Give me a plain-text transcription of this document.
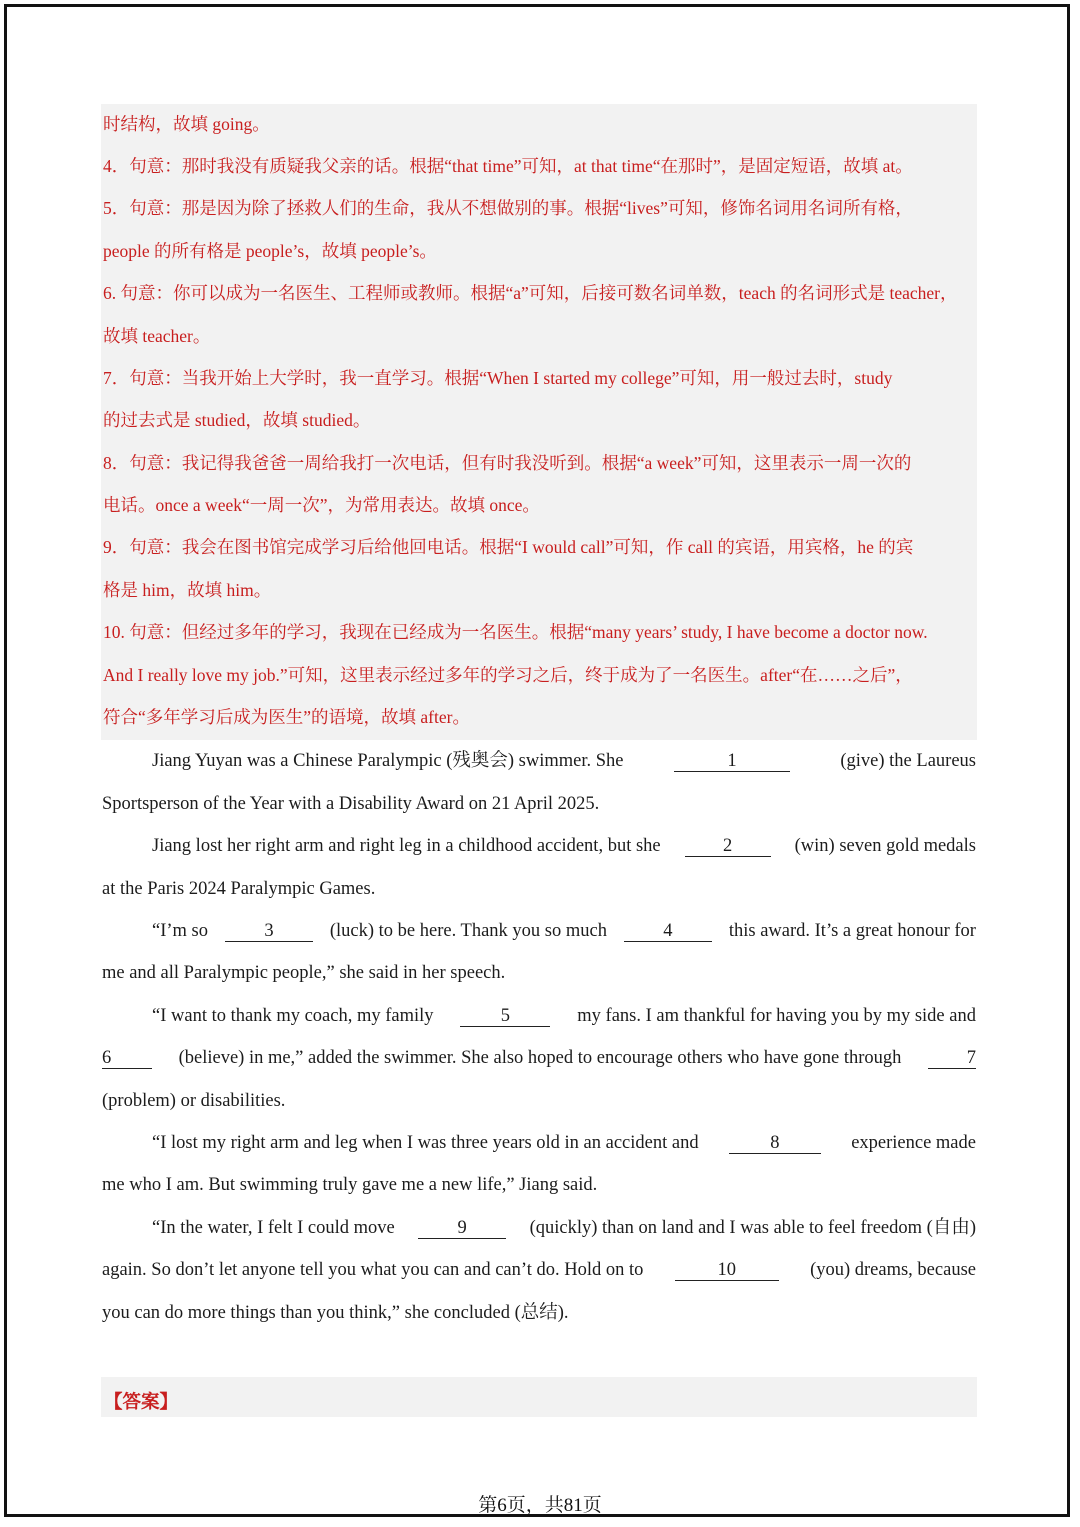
时结构，故填 going。
4．句意：那时我没有质疑我父亲的话。根据“that time”可知，at that time“在那时”，是固定短语，故填 at。
5．句意：那是因为除了拯救人们的生命，我从不想做别的事。根据“lives”可知，修饰名词用名词所有格，
people 的所有格是 people’s，故填 people’s。
6. 句意：你可以成为一名医生、工程师或教师。根据“a”可知，后接可数名词单数，teach 的名词形式是 teacher，
故填 teacher。
7．句意：当我开始上大学时，我一直学习。根据“When I started my college”可知，用一般过去时，study
的过去式是 studied，故填 studied。
8．句意：我记得我爸爸一周给我打一次电话，但有时我没听到。根据“a week”可知，这里表示一周一次的
电话。once a week“一周一次”，为常用表达。故填 once。
9．句意：我会在图书馆完成学习后给他回电话。根据“I would call”可知，作 call 的宾语，用宾格，he 的宾
格是 him，故填 him。
10. 句意：但经过多年的学习，我现在已经成为一名医生。根据“many years’ study, I have become a doctor now.
And I really love my job.”可知，这里表示经过多年的学习之后，终于成为了一名医生。after“在……之后”，
符合“多年学习后成为医生”的语境，故填 after。
Jiang Yuyan was a Chinese Paralympic (残奥会) swimmer. She	1	(give) the Laureus
Sportsperson of the Year with a Disability Award on 21 April 2025.
Jiang lost her right arm and right leg in a childhood accident, but she	2	(win) seven gold medals
at the Paris 2024 Paralympic Games.
“I’m so	3	(luck) to be here. Thank you so much	4	this award. It’s a great honour for
me and all Paralympic people,” she said in her speech.
“I want to thank my coach, my family	5	my fans. I am thankful for having you by my side and
6	(believe) in me,” added the swimmer. She also hoped to encourage others who have gone through	7
(problem) or disabilities.
“I lost my right arm and leg when I was three years old in an accident and	8	experience made
me who I am. But swimming truly gave me a new life,” Jiang said.
“In the water, I felt I could move	9	(quickly) than on land and I was able to feel freedom (自由)
again. So don’t let anyone tell you what you can and can’t do. Hold on to	10	(you) dreams, because
you can do more things than you think,” she concluded (总结).
【答案】
第6页，共81页
